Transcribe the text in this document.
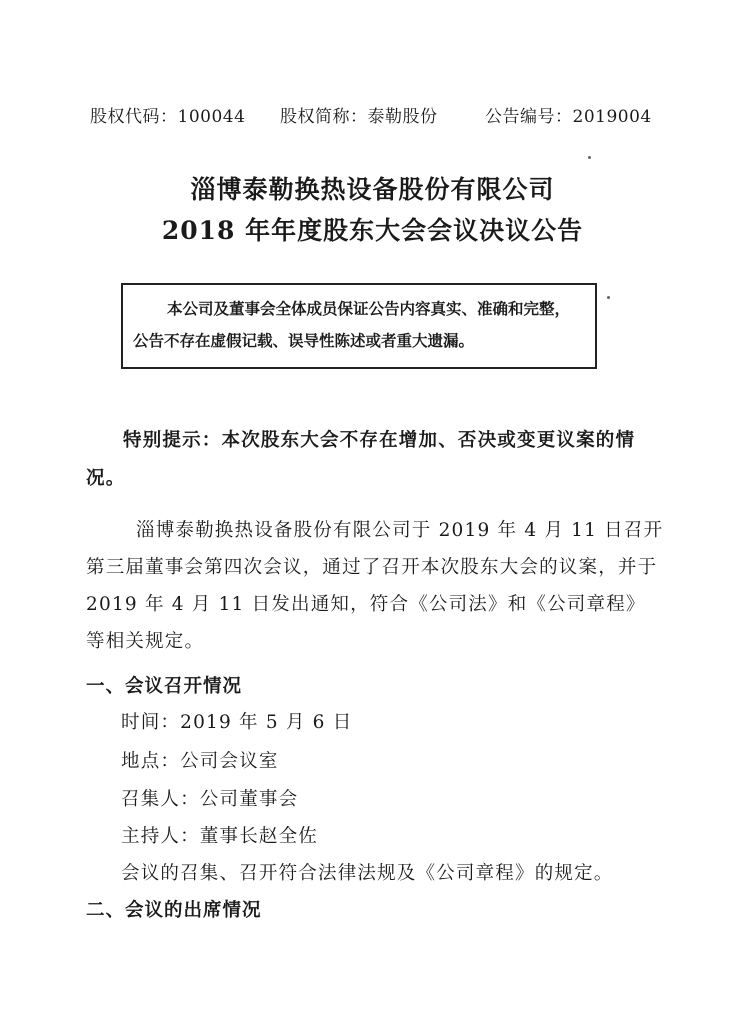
股权代码：100044 股权简称：泰勒股份	公告编号：2019004
淄博泰勒换热设备股份有限公司
2018 年年度股东大会会议决议公告
本公司及董事会全体成员保证公告内容真实、准确和完整，
公告不存在虚假记载、误导性陈述或者重大遗漏。
特别提示：本次股东大会不存在增加、否决或变更议案的情况。
淄博泰勒换热设备股份有限公司于 2019 年 4 月 11 日召开第三届董事会第四次会议，通过了召开本次股东大会的议案，并于 2019 年 4 月 11 日发出通知，符合《公司法》和《公司章程》等相关规定。
一、会议召开情况
时间：2019 年 5 月 6 日
地点：公司会议室
召集人：公司董事会
主持人：董事长赵全佐
会议的召集、召开符合法律法规及《公司章程》的规定。
二、会议的出席情况
